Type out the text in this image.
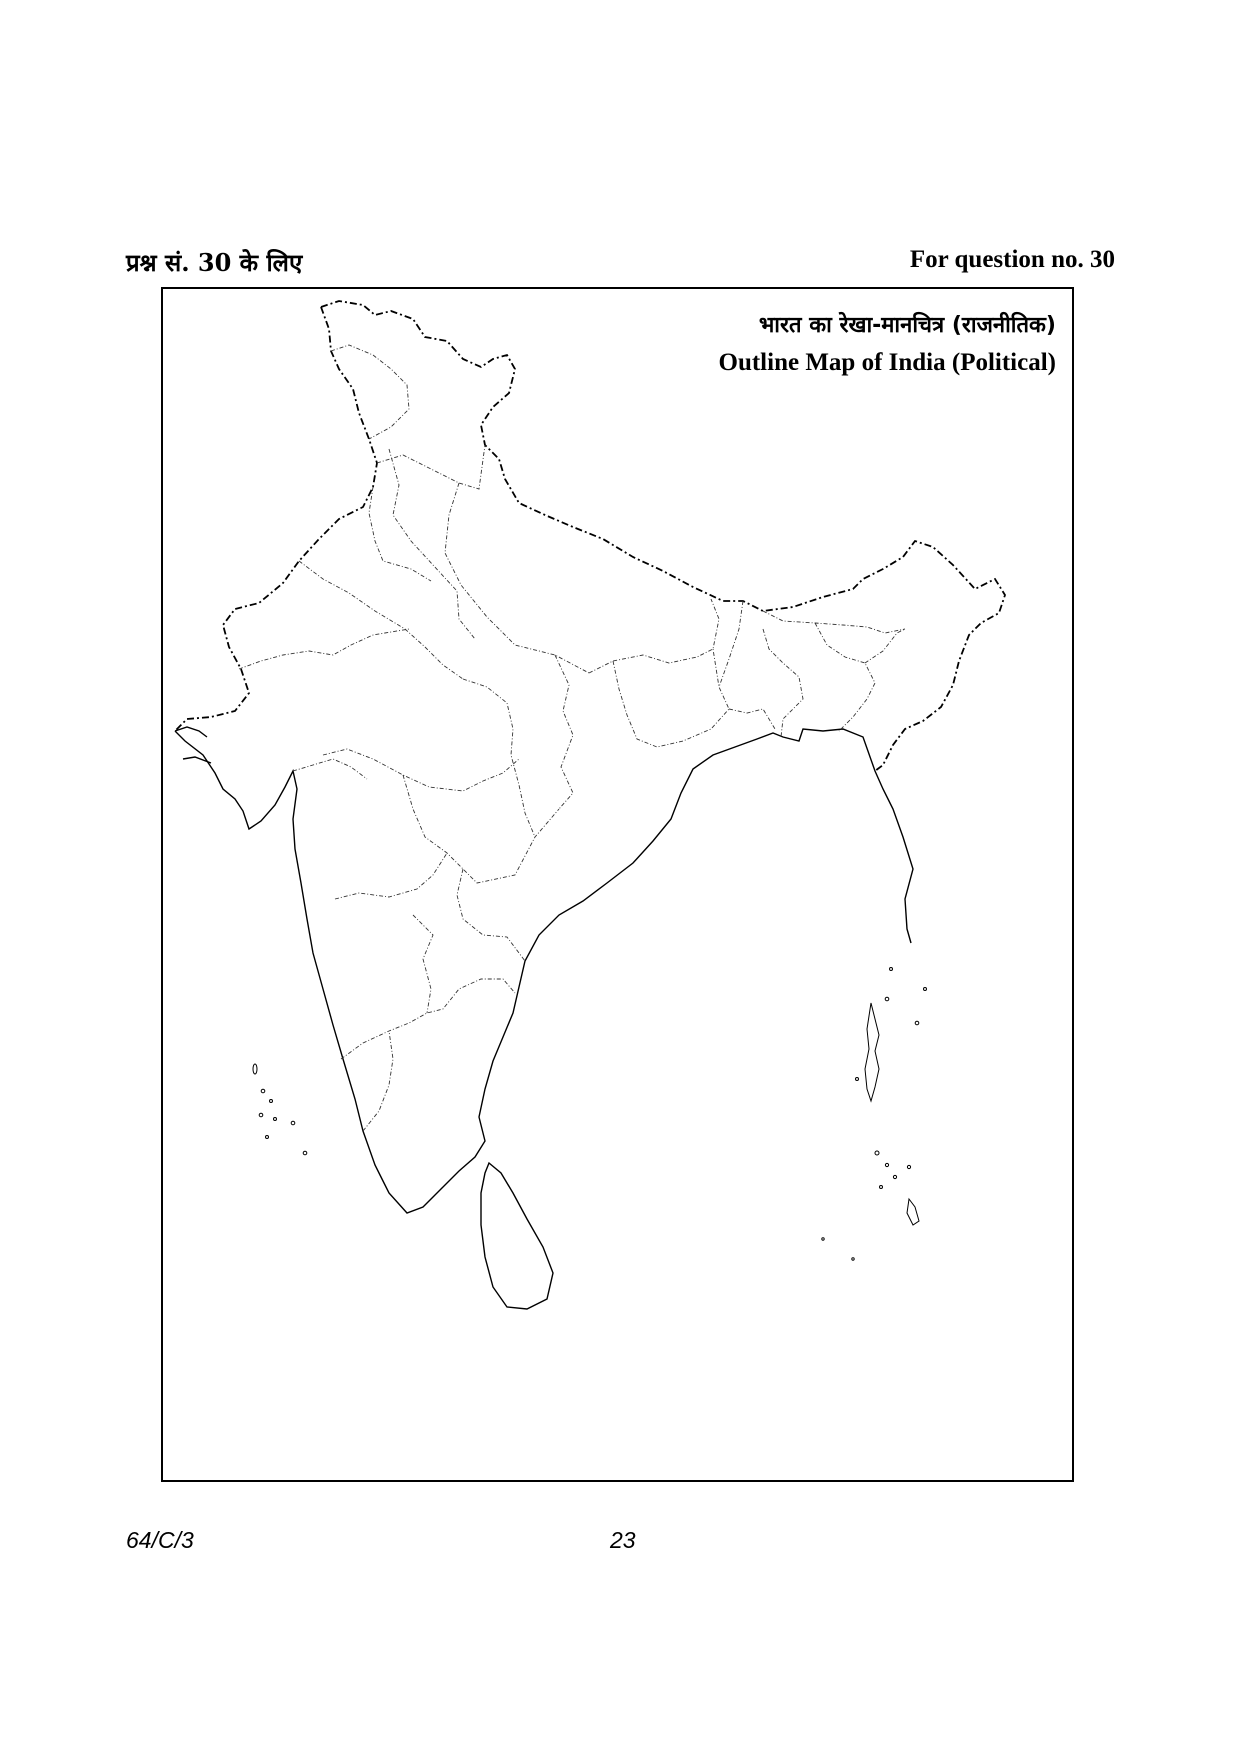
प्रश्न सं. 30 के लिए	For question no. 30
भारत का रेखा-मानचित्र (राजनीतिक)
Outline Map of India (Political)
64/C/3	23
